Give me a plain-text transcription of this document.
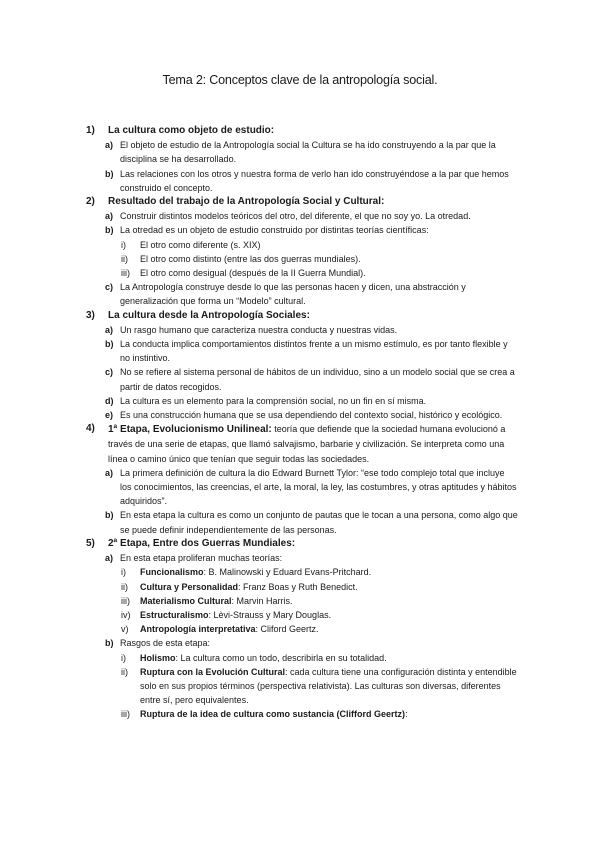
Tema 2: Conceptos clave de la antropología social.
1) La cultura como objeto de estudio:
a) El objeto de estudio de la Antropología social la Cultura se ha ido construyendo a la par que la disciplina se ha desarrollado.
b) Las relaciones con los otros y nuestra forma de verlo han ido construyéndose a la par que hemos construido el concepto.
2) Resultado del trabajo de la Antropología Social y Cultural:
a) Construir distintos modelos teóricos del otro, del diferente, el que no soy yo. La otredad.
b) La otredad es un objeto de estudio construido por distintas teorías científicas:
i) El otro como diferente (s. XIX)
ii) El otro como distinto (entre las dos guerras mundiales).
iii) El otro como desigual (después de la II Guerra Mundial).
c) La Antropología construye desde lo que las personas hacen y dicen, una abstracción y generalización que forma un “Modelo” cultural.
3) La cultura desde la Antropología Sociales:
a) Un rasgo humano que caracteriza nuestra conducta y nuestras vidas.
b) La conducta implica comportamientos distintos frente a un mismo estímulo, es por tanto flexible y no instintivo.
c) No se refiere al sistema personal de hábitos de un individuo, sino a un modelo social que se crea a partir de datos recogidos.
d) La cultura es un elemento para la comprensión social, no un fin en sí misma.
e) Es una construcción humana que se usa dependiendo del contexto social, histórico y ecológico.
4) 1ª Etapa, Evolucionismo Unilineal: teoría que defiende que la sociedad humana evolucionó a través de una serie de etapas, que llamó salvajismo, barbarie y civilización. Se interpreta como una línea o camino único que tenían que seguir todas las sociedades.
a) La primera definición de cultura la dio Edward Burnett Tylor: “ese todo complejo total que incluye los conocimientos, las creencias, el arte, la moral, la ley, las costumbres, y otras aptitudes y hábitos adquiridos”.
b) En esta etapa la cultura es como un conjunto de pautas que le tocan a una persona, como algo que se puede definir independientemente de las personas.
5) 2ª Etapa, Entre dos Guerras Mundiales:
a) En esta etapa proliferan muchas teorías:
i) Funcionalismo: B. Malinowski y Eduard Evans-Pritchard.
ii) Cultura y Personalidad: Franz Boas y Ruth Benedict.
iii) Materialismo Cultural: Marvin Harris.
iv) Estructuralismo: Lèvi-Strauss y Mary Douglas.
v) Antropología interpretativa: Cliford Geertz.
b) Rasgos de esta etapa:
i) Holismo: La cultura como un todo, describirla en su totalidad.
ii) Ruptura con la Evolución Cultural: cada cultura tiene una configuración distinta y entendible solo en sus propios términos (perspectiva relativista). Las culturas son diversas, diferentes entre sí, pero equivalentes.
iii) Ruptura de la idea de cultura como sustancia (Clifford Geertz):
